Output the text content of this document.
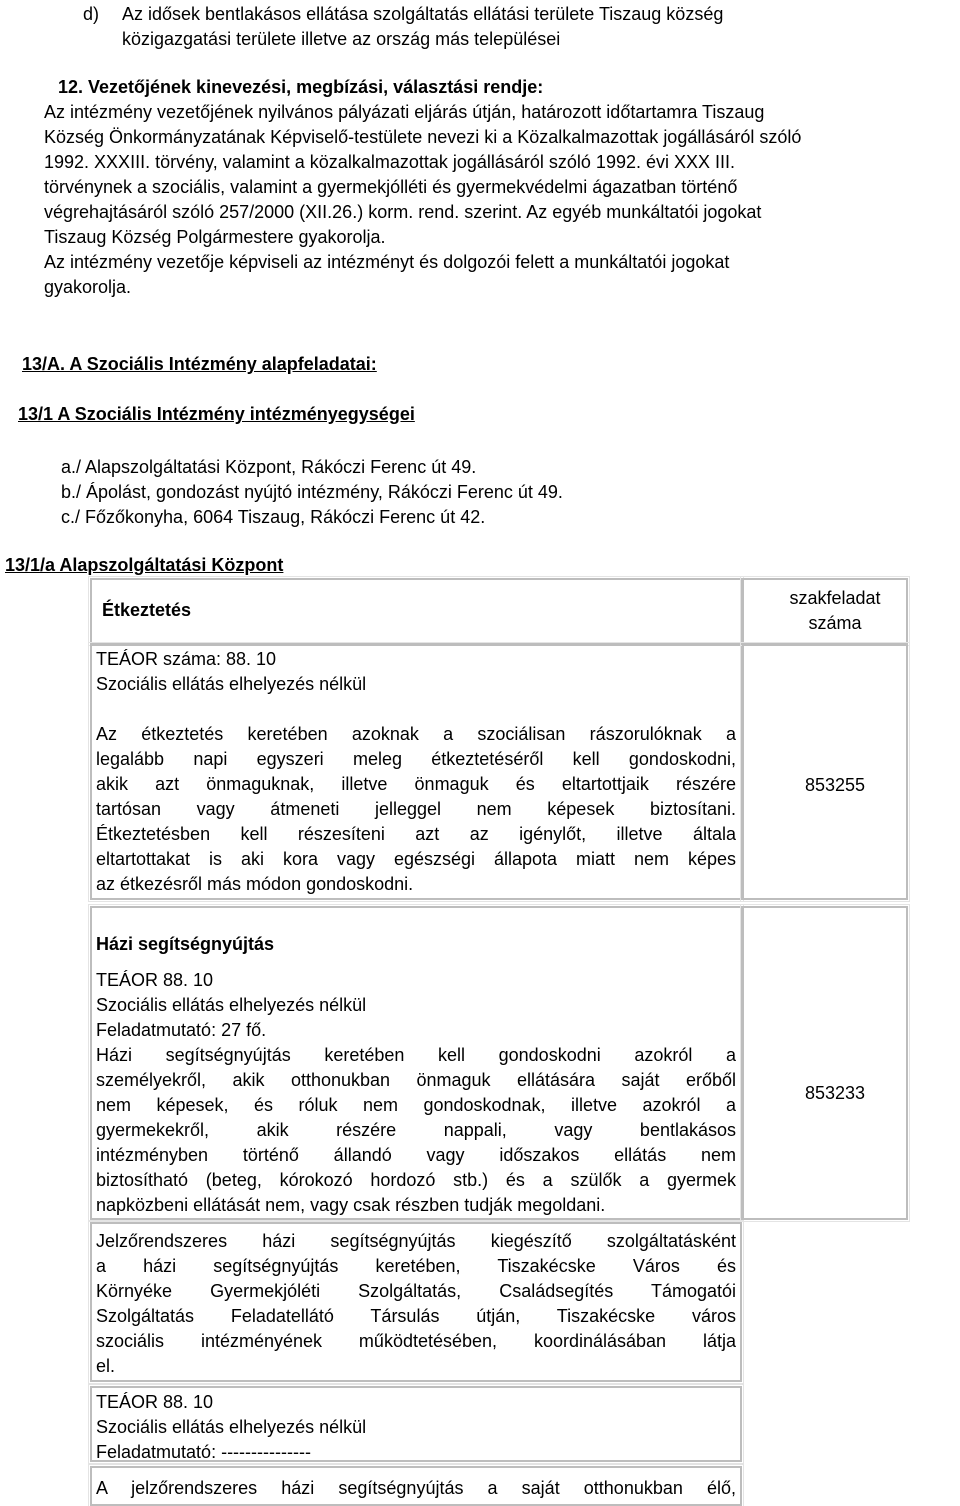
d) Az idősek bentlakásos ellátása szolgáltatás ellátási területe Tiszaug község
közigazgatási területe illetve az ország más települései
12. Vezetőjének kinevezési, megbízási, választási rendje:
Az intézmény vezetőjének nyilvános pályázati eljárás útján, határozott időtartamra Tiszaug
Község Önkormányzatának Képviselő-testülete nevezi ki a Közalkalmazottak jogállásáról szóló
1992. XXXIII. törvény, valamint a közalkalmazottak jogállásáról szóló 1992. évi XXX III.
törvénynek a szociális, valamint a gyermekjólléti és gyermekvédelmi ágazatban történő
végrehajtásáról szóló 257/2000 (XII.26.) korm. rend. szerint. Az egyéb munkáltatói jogokat
Tiszaug Község Polgármestere gyakorolja.
Az intézmény vezetője képviseli az intézményt és dolgozói felett a munkáltatói jogokat
gyakorolja.
13/A. A Szociális Intézmény alapfeladatai:
13/1 A Szociális Intézmény intézményegységei
a./ Alapszolgáltatási Központ, Rákóczi Ferenc út 49.
b./ Ápolást, gondozást nyújtó intézmény, Rákóczi Ferenc út 49.
c./ Főzőkonyha, 6064 Tiszaug, Rákóczi Ferenc út 42.
13/1/a Alapszolgáltatási Központ
Étkeztetés
szakfeladat
száma
TEÁOR száma: 88. 10
Szociális ellátás elhelyezés nélkül
Az étkeztetés keretében azoknak a szociálisan rászorulóknak a
legalább napi egyszeri meleg étkeztetéséről kell gondoskodni,
akik azt önmaguknak, illetve önmaguk és eltartottjaik részére
tartósan vagy átmeneti jelleggel nem képesek biztosítani.
Étkeztetésben kell részesíteni azt az igénylőt, illetve általa
eltartottakat is aki kora vagy egészségi állapota miatt nem képes
az étkezésről más módon gondoskodni.
853255
Házi segítségnyújtás
TEÁOR 88. 10
Szociális ellátás elhelyezés nélkül
Feladatmutató: 27 fő.
Házi segítségnyújtás keretében kell gondoskodni azokról a
személyekről, akik otthonukban önmaguk ellátására saját erőből
nem képesek, és róluk nem gondoskodnak, illetve azokról a
gyermekekről, akik részére nappali, vagy bentlakásos
intézményben történő állandó vagy időszakos ellátás nem
biztosítható (beteg, kórokozó hordozó stb.) és a szülők a gyermek
napközbeni ellátását nem, vagy csak részben tudják megoldani.
853233
Jelzőrendszeres házi segítségnyújtás kiegészítő szolgáltatásként
a házi segítségnyújtás keretében, Tiszakécske Város és
Környéke Gyermekjóléti Szolgáltatás, Családsegítés Támogatói
Szolgáltatás Feladatellátó Társulás útján, Tiszakécske város
szociális intézményének működtetésében, koordinálásában látja
el.
TEÁOR 88. 10
Szociális ellátás elhelyezés nélkül
Feladatmutató: ---------------
A jelzőrendszeres házi segítségnyújtás a saját otthonukban élő,
